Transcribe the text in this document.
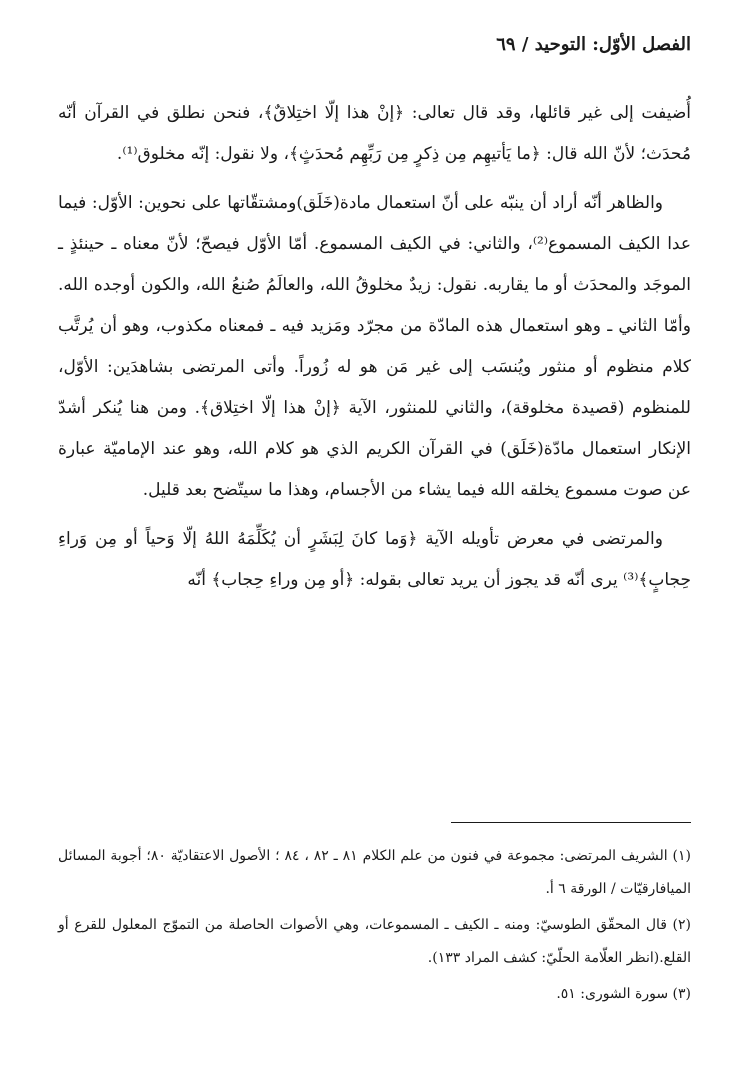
الفصل الأوّل: التوحيد / ٦٩

أُضيفت إلى غير قائلها، وقد قال تعالى: ﴿إنْ هذا إلّا اختِلاقٌ﴾، فنحن نطلق في القرآن أنّه مُحدَث؛ لأنّ الله قال: ﴿ما يَأتيهِم مِن ذِكرٍ مِن رَبِّهِم مُحدَثٍ﴾، ولا نقول: إنّه مخلوق⁽¹⁾.

والظاهر أنّه أراد أن ينبّه على أنّ استعمال مادة(خَلَق)ومشتقّاتها على نحوين: الأوّل: فيما عدا الكيف المسموع⁽²⁾، والثاني: في الكيف المسموع. أمّا الأوّل فيصحّ؛ لأنّ معناه ـ حينئذٍ ـ الموجَد والمحدَث أو ما يقاربه. نقول: زيدٌ مخلوقُ الله، والعالَمُ صُنعُ الله، والكون أوجده الله. وأمّا الثاني ـ وهو استعمال هذه المادّة من مجرّد ومَزيد فيه ـ فمعناه مكذوب، وهو أن يُرتَّب كلام منظوم أو منثور ويُنسَب إلى غير مَن هو له زُوراً. وأتى المرتضى بشاهدَين: الأوّل، للمنظوم (قصيدة مخلوقة)، والثاني للمنثور، الآية ﴿إنْ هذا إلّا اختِلاق﴾. ومن هنا يُنكر أشدّ الإنكار استعمال مادّة(خَلَق) في القرآن الكريم الذي هو كلام الله، وهو عند الإماميّة عبارة عن صوت مسموع يخلقه الله فيما يشاء من الأجسام، وهذا ما سيتّضح بعد قليل.

والمرتضى في معرض تأويله الآية ﴿وَما كانَ لِبَشَرٍ أن يُكَلِّمَهُ اللهُ إلّا وَحياً أو مِن وَراءِ حِجابٍ﴾⁽³⁾ يرى أنّه قد يجوز أن يريد تعالى بقوله: ﴿أو مِن وراءِ حِجاب﴾ أنّه

(١) الشريف المرتضى: مجموعة في فنون من علم الكلام ٨١ ـ ٨٢ ، ٨٤ ؛ الأصول الاعتقاديّة ٨٠؛ أجوبة المسائل الميافارقيّات / الورقة ٦ أ.

(٢) قال المحقّق الطوسيّ: ومنه ـ الكيف ـ المسموعات، وهي الأصوات الحاصلة من التموّج المعلول للقرع أو القلع.(انظر العلّامة الحلّيّ: كشف المراد ١٣٣).

(٣) سورة الشورى: ٥١.
